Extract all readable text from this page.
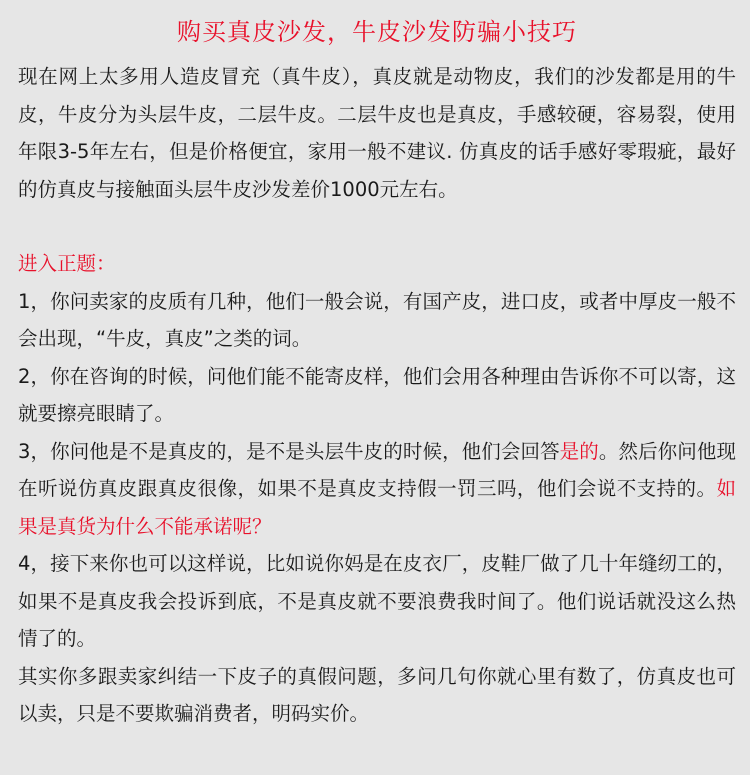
购买真皮沙发，牛皮沙发防骗小技巧

现在网上太多用人造皮冒充（真牛皮），真皮就是动物皮，我们的沙发都是用的牛皮，牛皮分为头层牛皮，二层牛皮。二层牛皮也是真皮，手感较硬，容易裂，使用年限3-5年左右，但是价格便宜，家用一般不建议. 仿真皮的话手感好零瑕疵，最好的仿真皮与接触面头层牛皮沙发差价1000元左右。

进入正题：

1，你问卖家的皮质有几种，他们一般会说，有国产皮，进口皮，或者中厚皮一般不会出现，“牛皮，真皮”之类的词。

2，你在咨询的时候，问他们能不能寄皮样，他们会用各种理由告诉你不可以寄，这就要擦亮眼睛了。

3，你问他是不是真皮的，是不是头层牛皮的时候，他们会回答是的。然后你问他现在听说仿真皮跟真皮很像，如果不是真皮支持假一罚三吗，他们会说不支持的。如果是真货为什么不能承诺呢？

4，接下来你也可以这样说，比如说你妈是在皮衣厂，皮鞋厂做了几十年缝纫工的，如果不是真皮我会投诉到底，不是真皮就不要浪费我时间了。他们说话就没这么热情了的。

其实你多跟卖家纠结一下皮子的真假问题，多问几句你就心里有数了，仿真皮也可以卖，只是不要欺骗消费者，明码实价。
